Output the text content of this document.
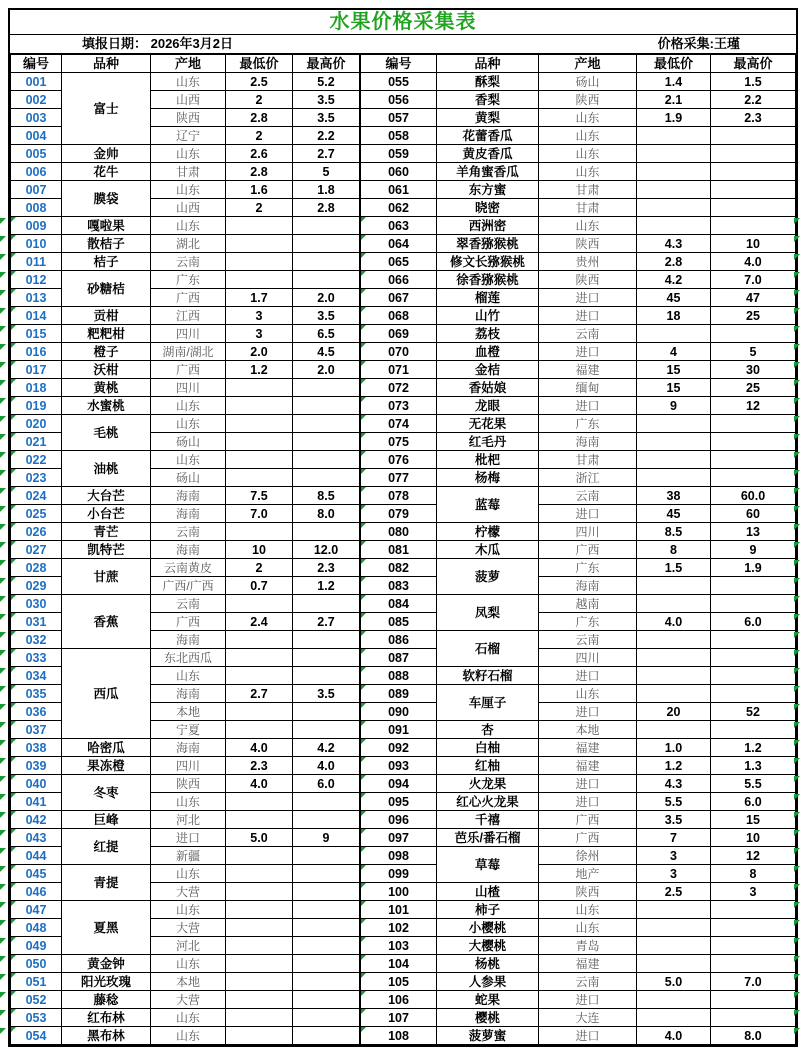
水果价格采集表
填报日期： 2026年3月2日	价格采集:王瑾
编号	品种	产地	最低价	最高价
001	富士	山东	2.5	5.2
002		山西	2	3.5
003		陕西	2.8	3.5
004		辽宁	2	2.2
005	金帅	山东	2.6	2.7
006	花牛	甘肃	2.8	5
007	膜袋	山东	1.6	1.8
008		山西	2	2.8
009	嘎啦果	山东		
010	散桔子	湖北		
011	桔子	云南		
012	砂糖桔	广东		
013		广西	1.7	2.0
014	贡柑	江西	3	3.5
015	粑粑柑	四川	3	6.5
016	橙子	湖南/湖北	2.0	4.5
017	沃柑	广西	1.2	2.0
018	黄桃	四川		
019	水蜜桃	山东		
020	毛桃	山东		
021		砀山		
022	油桃	山东		
023		砀山		
024	大台芒	海南	7.5	8.5
025	小台芒	海南	7.0	8.0
026	青芒	云南		
027	凯特芒	海南	10	12.0
028	甘蔗	云南黄皮	2	2.3
029		广西/广西	0.7	1.2
030	香蕉	云南		
031		广西	2.4	2.7
032		海南		
033	西瓜	东北西瓜		
034		山东		
035		海南	2.7	3.5
036		本地		
037		宁夏		
038	哈密瓜	海南	4.0	4.2
039	果冻橙	四川	2.3	4.0
040	冬枣	陕西	4.0	6.0
041		山东		
042	巨峰	河北		
043	红提	进口	5.0	9
044		新疆		
045	青提	山东		
046		大营		
047	夏黑	山东		
048		大营		
049		河北		
050	黄金钟	山东		
051	阳光玫瑰	本地		
052	藤稔	大营		
053	红布林	山东		
054	黑布林	山东		
编号	品种	产地	最低价	最高价
055	酥梨	砀山	1.4	1.5
056	香梨	陕西	2.1	2.2
057	黄梨	山东	1.9	2.3
058	花蕾香瓜	山东		
059	黄皮香瓜	山东		
060	羊角蜜香瓜	山东		
061	东方蜜	甘肃		
062	晓密	甘肃		
063	西洲密	山东		
064	翠香猕猴桃	陕西	4.3	10
065	修文长猕猴桃	贵州	2.8	4.0
066	徐香猕猴桃	陕西	4.2	7.0
067	榴莲	进口	45	47
068	山竹	进口	18	25
069	荔枝	云南		
070	血橙	进口	4	5
071	金桔	福建	15	30
072	香姑娘	缅甸	15	25
073	龙眼	进口	9	12
074	无花果	广东		
075	红毛丹	海南		
076	枇杷	甘肃		
077	杨梅	浙江		
078	蓝莓	云南	38	60.0
079		进口	45	60
080	柠檬	四川	8.5	13
081	木瓜	广西	8	9
082	菠萝	广东	1.5	1.9
083		海南		
084	凤梨	越南		
085		广东	4.0	6.0
086	石榴	云南		
087		四川		
088	软籽石榴	进口		
089	车厘子	山东		
090		进口	20	52
091	杏	本地		
092	白柚	福建	1.0	1.2
093	红柚	福建	1.2	1.3
094	火龙果	进口	4.3	5.5
095	红心火龙果	进口	5.5	6.0
096	千禧	广西	3.5	15
097	芭乐/番石榴	广西	7	10
098	草莓	徐州	3	12
099		地产	3	8
100	山楂	陕西	2.5	3
101	柿子	山东		
102	小樱桃	山东		
103	大樱桃	青岛		
104	杨桃	福建		
105	人参果	云南	5.0	7.0
106	蛇果	进口		
107	樱桃	大连		
108	菠萝蜜	进口	4.0	8.0
